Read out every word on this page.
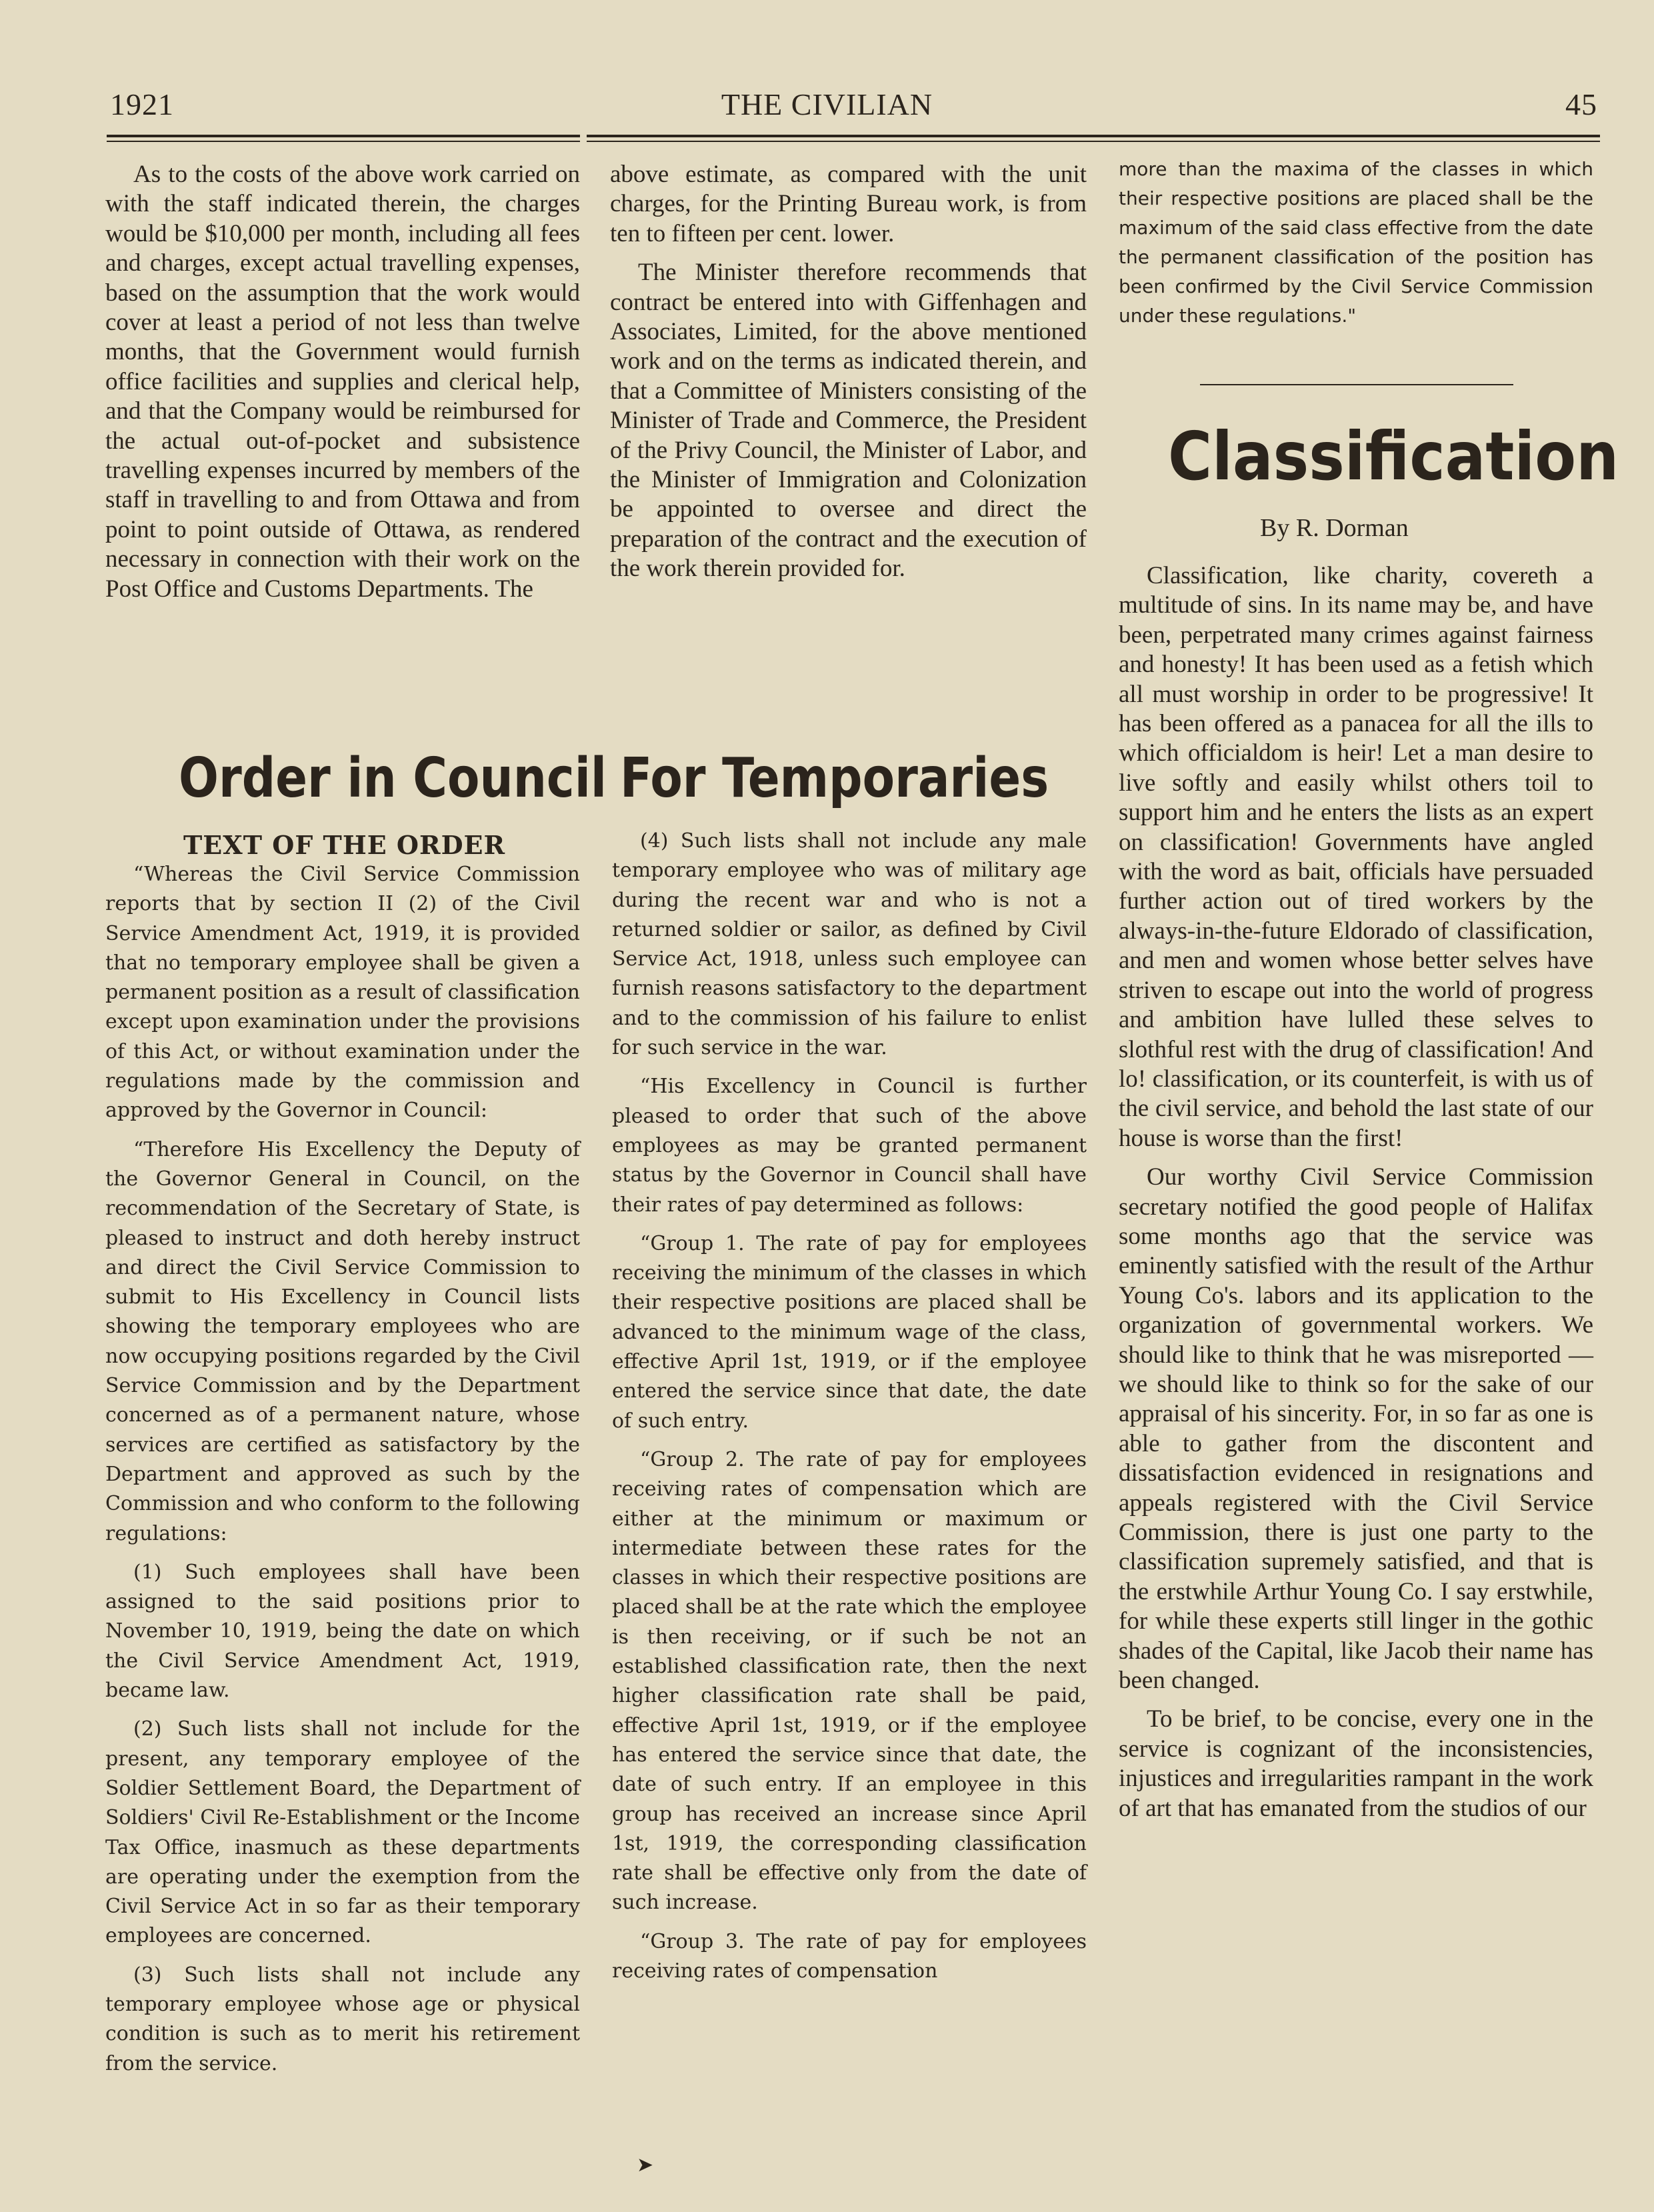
1921	THE CIVILIAN	45

As to the costs of the above work carried on with the staff indicated therein, the charges would be $10,000 per month, including all fees and charges, except actual travelling expenses, based on the assumption that the work would cover at least a period of not less than twelve months, that the Government would furnish office facilities and supplies and clerical help, and that the Company would be reimbursed for the actual out-of-pocket and subsistence travelling expenses incurred by members of the staff in travelling to and from Ottawa and from point to point outside of Ottawa, as rendered necessary in connection with their work on the Post Office and Customs Departments. The

above estimate, as compared with the unit charges, for the Printing Bureau work, is from ten to fifteen per cent. lower.

The Minister therefore recommends that contract be entered into with Giffenhagen and Associates, Limited, for the above mentioned work and on the terms as indicated therein, and that a Committee of Ministers consisting of the Minister of Trade and Commerce, the President of the Privy Council, the Minister of Labor, and the Minister of Immigration and Colonization be appointed to oversee and direct the preparation of the contract and the execution of the work therein provided for.

more than the maxima of the classes in which their respective positions are placed shall be the maximum of the said class effective from the date the permanent classification of the position has been confirmed by the Civil Service Commission under these regulations."

Order in Council For Temporaries
TEXT OF THE ORDER

“Whereas the Civil Service Commission reports that by section II (2) of the Civil Service Amendment Act, 1919, it is provided that no temporary employee shall be given a permanent position as a result of classification except upon examination under the provisions of this Act, or without examination under the regulations made by the commission and approved by the Governor in Council:

“Therefore His Excellency the Deputy of the Governor General in Council, on the recommendation of the Secretary of State, is pleased to instruct and doth hereby instruct and direct the Civil Service Commission to submit to His Excellency in Council lists showing the temporary employees who are now occupying positions regarded by the Civil Service Commission and by the Department concerned as of a permanent nature, whose services are certified as satisfactory by the Department and approved as such by the Commission and who conform to the following regulations:

(1) Such employees shall have been assigned to the said positions prior to November 10, 1919, being the date on which the Civil Service Amendment Act, 1919, became law.

(2) Such lists shall not include for the present, any temporary employee of the Soldier Settlement Board, the Department of Soldiers' Civil Re-Establishment or the Income Tax Office, inasmuch as these departments are operating under the exemption from the Civil Service Act in so far as their temporary employees are concerned.

(3) Such lists shall not include any temporary employee whose age or physical condition is such as to merit his retirement from the service.

(4) Such lists shall not include any male temporary employee who was of military age during the recent war and who is not a returned soldier or sailor, as defined by Civil Service Act, 1918, unless such employee can furnish reasons satisfactory to the department and to the commission of his failure to enlist for such service in the war.

“His Excellency in Council is further pleased to order that such of the above employees as may be granted permanent status by the Governor in Council shall have their rates of pay determined as follows:

“Group 1. The rate of pay for employees receiving the minimum of the classes in which their respective positions are placed shall be advanced to the minimum wage of the class, effective April 1st, 1919, or if the employee entered the service since that date, the date of such entry.

“Group 2. The rate of pay for employees receiving rates of compensation which are either at the minimum or maximum or intermediate between these rates for the classes in which their respective positions are placed shall be at the rate which the employee is then receiving, or if such be not an established classification rate, then the next higher classification rate shall be paid, effective April 1st, 1919, or if the employee has entered the service since that date, the date of such entry. If an employee in this group has received an increase since April 1st, 1919, the corresponding classification rate shall be effective only from the date of such increase.

“Group 3. The rate of pay for employees receiving rates of compensation

Classification
By R. Dorman

Classification, like charity, covereth a multitude of sins. In its name may be, and have been, perpetrated many crimes against fairness and honesty! It has been used as a fetish which all must worship in order to be progressive! It has been offered as a panacea for all the ills to which officialdom is heir! Let a man desire to live softly and easily whilst others toil to support him and he enters the lists as an expert on classification! Governments have angled with the word as bait, officials have persuaded further action out of tired workers by the always-in-the-future Eldorado of classification, and men and women whose better selves have striven to escape out into the world of progress and ambition have lulled these selves to slothful rest with the drug of classification! And lo! classification, or its counterfeit, is with us of the civil service, and behold the last state of our house is worse than the first!

Our worthy Civil Service Commission secretary notified the good people of Halifax some months ago that the service was eminently satisfied with the result of the Arthur Young Co's. labors and its application to the organization of governmental workers. We should like to think that he was misreported — we should like to think so for the sake of our appraisal of his sincerity. For, in so far as one is able to gather from the discontent and dissatisfaction evidenced in resignations and appeals registered with the Civil Service Commission, there is just one party to the classification supremely satisfied, and that is the erstwhile Arthur Young Co. I say erstwhile, for while these experts still linger in the gothic shades of the Capital, like Jacob their name has been changed.

To be brief, to be concise, every one in the service is cognizant of the inconsistencies, injustices and irregularities rampant in the work of art that has emanated from the studios of our

➤
